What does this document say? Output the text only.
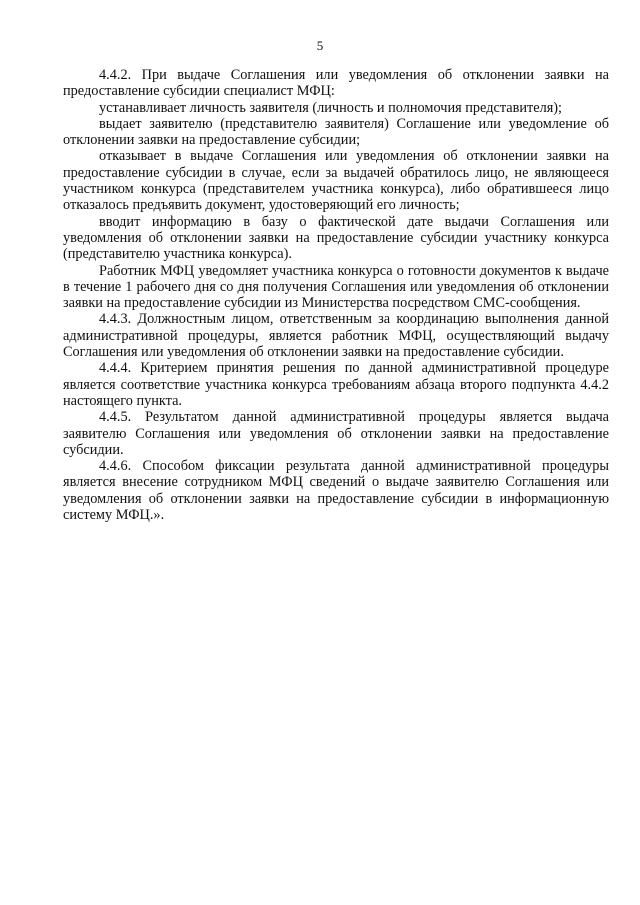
5

4.4.2. При выдаче Соглашения или уведомления об отклонении заявки на предоставление субсидии специалист МФЦ:

устанавливает личность заявителя (личность и полномочия представителя);

выдает заявителю (представителю заявителя) Соглашение или уведомление об отклонении заявки на предоставление субсидии;

отказывает в выдаче Соглашения или уведомления об отклонении заявки на предоставление субсидии в случае, если за выдачей обратилось лицо, не являющееся участником конкурса (представителем участника конкурса), либо обратившееся лицо отказалось предъявить документ, удостоверяющий его личность;

вводит информацию в базу о фактической дате выдачи Соглашения или уведомления об отклонении заявки на предоставление субсидии участнику конкурса (представителю участника конкурса).

Работник МФЦ уведомляет участника конкурса о готовности документов к выдаче в течение 1 рабочего дня со дня получения Соглашения или уведомления об отклонении заявки на предоставление субсидии из Министерства посредством СМС-сообщения.

4.4.3. Должностным лицом, ответственным за координацию выполнения данной административной процедуры, является работник МФЦ, осуществляющий выдачу Соглашения или уведомления об отклонении заявки на предоставление субсидии.

4.4.4. Критерием принятия решения по данной административной процедуре является соответствие участника конкурса требованиям абзаца второго подпункта 4.4.2 настоящего пункта.

4.4.5. Результатом данной административной процедуры является выдача заявителю Соглашения или уведомления об отклонении заявки на предоставление субсидии.

4.4.6. Способом фиксации результата данной административной процедуры является внесение сотрудником МФЦ сведений о выдаче заявителю Соглашения или уведомления об отклонении заявки на предоставление субсидии в информационную систему МФЦ.».
